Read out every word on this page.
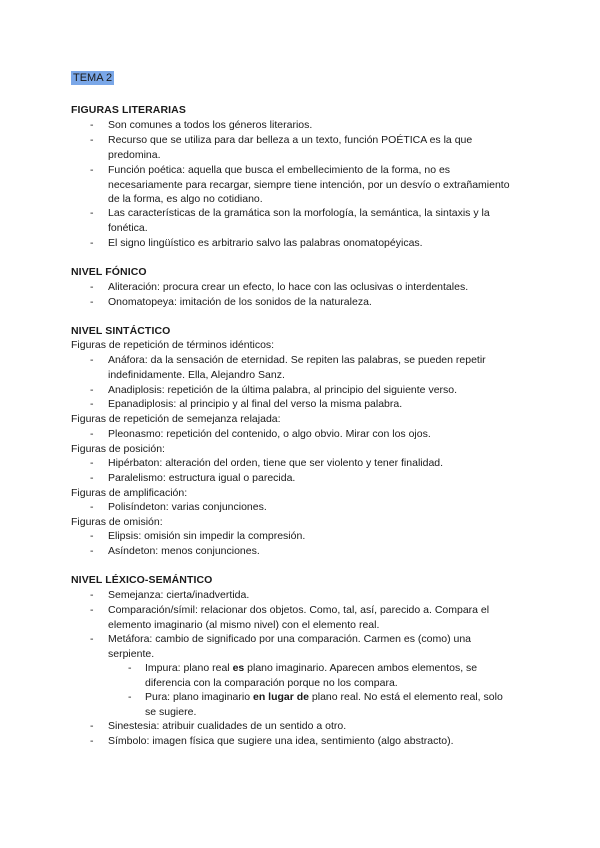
TEMA 2
FIGURAS LITERARIAS
- Son comunes a todos los géneros literarios.
- Recurso que se utiliza para dar belleza a un texto, función POÉTICA es la que predomina.
- Función poética: aquella que busca el embellecimiento de la forma, no es necesariamente para recargar, siempre tiene intención, por un desvío o extrañamiento de la forma, es algo no cotidiano.
- Las características de la gramática son la morfología, la semántica, la sintaxis y la fonética.
- El signo lingüístico es arbitrario salvo las palabras onomatopéyicas.
NIVEL FÓNICO
- Aliteración: procura crear un efecto, lo hace con las oclusivas o interdentales.
- Onomatopeya: imitación de los sonidos de la naturaleza.
NIVEL SINTÁCTICO
Figuras de repetición de términos idénticos:
- Anáfora: da la sensación de eternidad. Se repiten las palabras, se pueden repetir indefinidamente. Ella, Alejandro Sanz.
- Anadiplosis: repetición de la última palabra, al principio del siguiente verso.
- Epanadiplosis: al principio y al final del verso la misma palabra.
Figuras de repetición de semejanza relajada:
- Pleonasmo: repetición del contenido, o algo obvio. Mirar con los ojos.
Figuras de posición:
- Hipérbaton: alteración del orden, tiene que ser violento y tener finalidad.
- Paralelismo: estructura igual o parecida.
Figuras de amplificación:
- Polisíndeton: varias conjunciones.
Figuras de omisión:
- Elipsis: omisión sin impedir la compresión.
- Asíndeton: menos conjunciones.
NIVEL LÉXICO-SEMÁNTICO
- Semejanza: cierta/inadvertida.
- Comparación/símil: relacionar dos objetos. Como, tal, así, parecido a. Compara el elemento imaginario (al mismo nivel) con el elemento real.
- Metáfora: cambio de significado por una comparación. Carmen es (como) una serpiente.
- Impura: plano real es plano imaginario. Aparecen ambos elementos, se diferencia con la comparación porque no los compara.
- Pura: plano imaginario en lugar de plano real. No está el elemento real, solo se sugiere.
- Sinestesia: atribuir cualidades de un sentido a otro.
- Símbolo: imagen física que sugiere una idea, sentimiento (algo abstracto).
